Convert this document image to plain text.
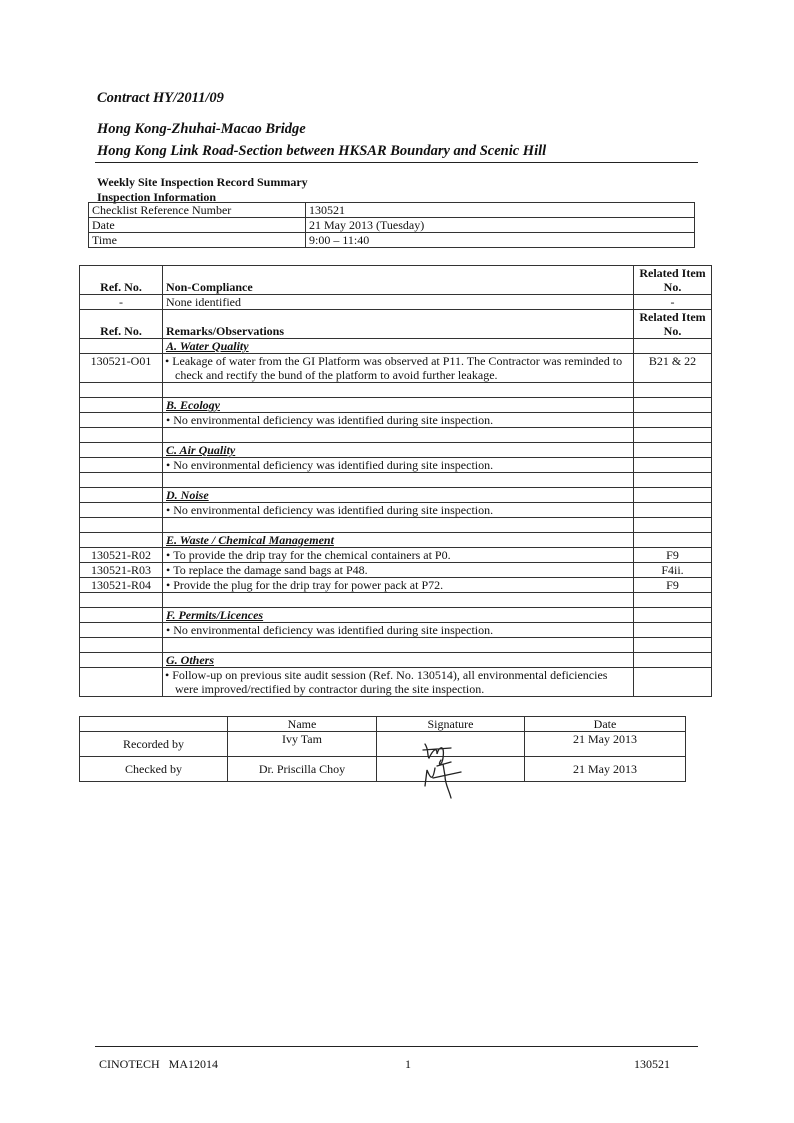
Contract HY/2011/09
Hong Kong-Zhuhai-Macao Bridge
Hong Kong Link Road-Section between HKSAR Boundary and Scenic Hill
Weekly Site Inspection Record Summary
Inspection Information
Checklist Reference Number	130521
Date	21 May 2013 (Tuesday)
Time	9:00 – 11:40
Ref. No.	Non-Compliance	Related Item No.
-	None identified	-
Ref. No.	Remarks/Observations	Related Item No.
	A. Water Quality	
130521-O01	•Leakage of water from the GI Platform was observed at P11. The Contractor was reminded to check and rectify the bund of the platform to avoid further leakage.	B21 & 22

	B. Ecology	
	• No environmental deficiency was identified during site inspection.	

	C. Air Quality	
	• No environmental deficiency was identified during site inspection.	

	D. Noise	
	• No environmental deficiency was identified during site inspection.	

	E. Waste / Chemical Management	
130521-R02	•To provide the drip tray for the chemical containers at P0.	F9
130521-R03	•To replace the damage sand bags at P48.	F4ii.
130521-R04	•Provide the plug for the drip tray for power pack at P72.	F9

	F. Permits/Licences	
	• No environmental deficiency was identified during site inspection.	

	G. Others	
	• Follow-up on previous site audit session (Ref. No. 130514), all environmental deficiencies were improved/rectified by contractor during the site inspection.	
	Name	Signature	Date
Recorded by	Ivy Tam		21 May 2013
Checked by	Dr. Priscilla Choy		21 May 2013
CINOTECH   MA12014	1	130521
